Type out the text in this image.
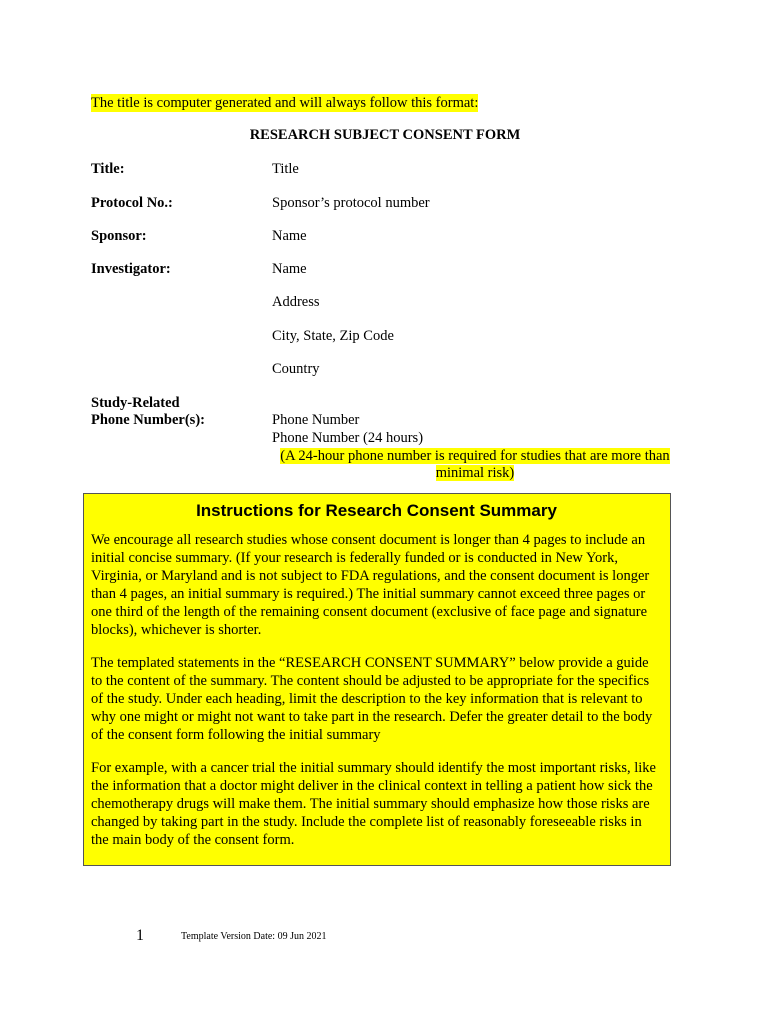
The title is computer generated and will always follow this format:
RESEARCH SUBJECT CONSENT FORM
Title:	Title
Protocol No.:	Sponsor’s protocol number
Sponsor:	Name
Investigator:	Name
Address
City, State, Zip Code
Country
Study-Related
Phone Number(s):	Phone Number
Phone Number (24 hours)
(A 24-hour phone number is required for studies that are more than
minimal risk)
Instructions for Research Consent Summary

We encourage all research studies whose consent document is longer than 4 pages to include an initial concise summary. (If your research is federally funded or is conducted in New York, Virginia, or Maryland and is not subject to FDA regulations, and the consent document is longer than 4 pages, an initial summary is required.) The initial summary cannot exceed three pages or one third of the length of the remaining consent document (exclusive of face page and signature blocks), whichever is shorter.

The templated statements in the “RESEARCH CONSENT SUMMARY” below provide a guide to the content of the summary. The content should be adjusted to be appropriate for the specifics of the study. Under each heading, limit the description to the key information that is relevant to why one might or might not want to take part in the research. Defer the greater detail to the body of the consent form following the initial summary

For example, with a cancer trial the initial summary should identify the most important risks, like the information that a doctor might deliver in the clinical context in telling a patient how sick the chemotherapy drugs will make them. The initial summary should emphasize how those risks are changed by taking part in the study. Include the complete list of reasonably foreseeable risks in the main body of the consent form.

1	Template Version Date: 09 Jun 2021
